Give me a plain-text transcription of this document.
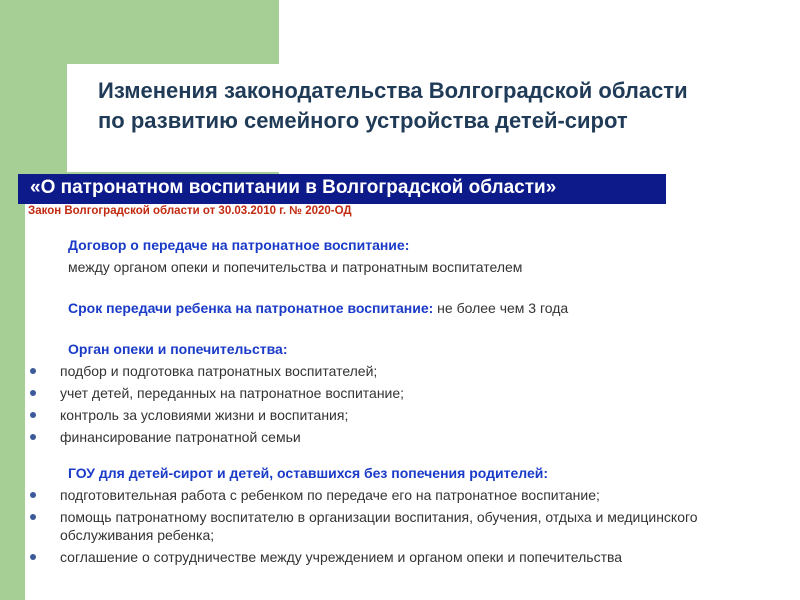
Изменения законодательства Волгоградской области по развитию семейного устройства детей-сирот
«О патронатном воспитании в Волгоградской области»
Закон Волгоградской области от 30.03.2010 г. № 2020-ОД
Договор о передаче на патронатное воспитание:
между органом опеки и попечительства и патронатным воспитателем
Срок передачи ребенка на патронатное воспитание: не более чем 3 года
Орган опеки и попечительства:
подбор и подготовка патронатных воспитателей;
учет детей, переданных на патронатное воспитание;
контроль за условиями жизни и воспитания;
финансирование патронатной семьи
ГОУ для детей-сирот и детей, оставшихся без попечения родителей:
подготовительная работа с ребенком по передаче его на патронатное воспитание;
помощь патронатному воспитателю в организации воспитания, обучения, отдыха и медицинского обслуживания ребенка;
соглашение о сотрудничестве между учреждением и органом опеки и попечительства
